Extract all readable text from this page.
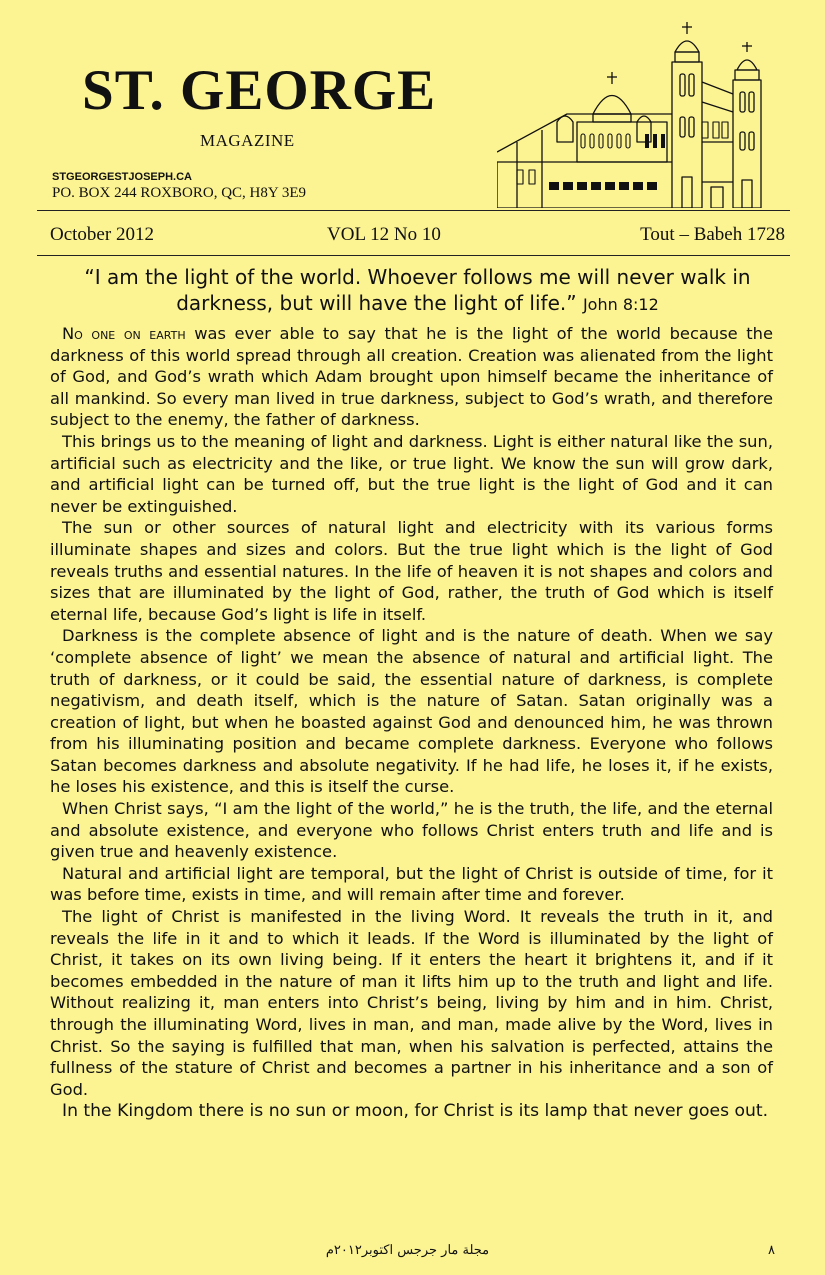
ST. GEORGE
MAGAZINE
STGEORGESTJOSEPH.CA
PO. BOX 244 ROXBORO, QC, H8Y 3E9
October 2012	VOL 12 No 10	Tout – Babeh 1728
“I am the light of the world. Whoever follows me will never walk in darkness, but will have the light of life.” John 8:12

No one on earth was ever able to say that he is the light of the world because the darkness of this world spread through all creation. Creation was alienated from the light of God, and God’s wrath which Adam brought upon himself became the inheritance of all mankind. So every man lived in true darkness, subject to God’s wrath, and therefore subject to the enemy, the father of darkness.

This brings us to the meaning of light and darkness. Light is either natural like the sun, artificial such as electricity and the like, or true light. We know the sun will grow dark, and artificial light can be turned off, but the true light is the light of God and it can never be extinguished.

The sun or other sources of natural light and electricity with its various forms illuminate shapes and sizes and colors. But the true light which is the light of God reveals truths and essential natures. In the life of heaven it is not shapes and colors and sizes that are illuminated by the light of God, rather, the truth of God which is itself eternal life, because God’s light is life in itself.

Darkness is the complete absence of light and is the nature of death. When we say ‘complete absence of light’ we mean the absence of natural and artificial light. The truth of darkness, or it could be said, the essential nature of darkness, is complete negativism, and death itself, which is the nature of Satan. Satan originally was a creation of light, but when he boasted against God and denounced him, he was thrown from his illuminating position and became complete darkness. Everyone who follows Satan becomes darkness and absolute negativity. If he had life, he loses it, if he exists, he loses his existence, and this is itself the curse.

When Christ says, “I am the light of the world,” he is the truth, the life, and the eternal and absolute existence, and everyone who follows Christ enters truth and life and is given true and heavenly existence.

Natural and artificial light are temporal, but the light of Christ is outside of time, for it was before time, exists in time, and will remain after time and forever.

The light of Christ is manifested in the living Word. It reveals the truth in it, and reveals the life in it and to which it leads. If the Word is illuminated by the light of Christ, it takes on its own living being. If it enters the heart it brightens it, and if it becomes embedded in the nature of man it lifts him up to the truth and light and life. Without realizing it, man enters into Christ’s being, living by him and in him. Christ, through the illuminating Word, lives in man, and man, made alive by the Word, lives in Christ. So the saying is fulfilled that man, when his salvation is perfected, attains the fullness of the stature of Christ and becomes a partner in his inheritance and a son of God.

In the Kingdom there is no sun or moon, for Christ is its lamp that never goes out.

مجلة مار جرجس اكتوبر٢٠١٢م	٨
